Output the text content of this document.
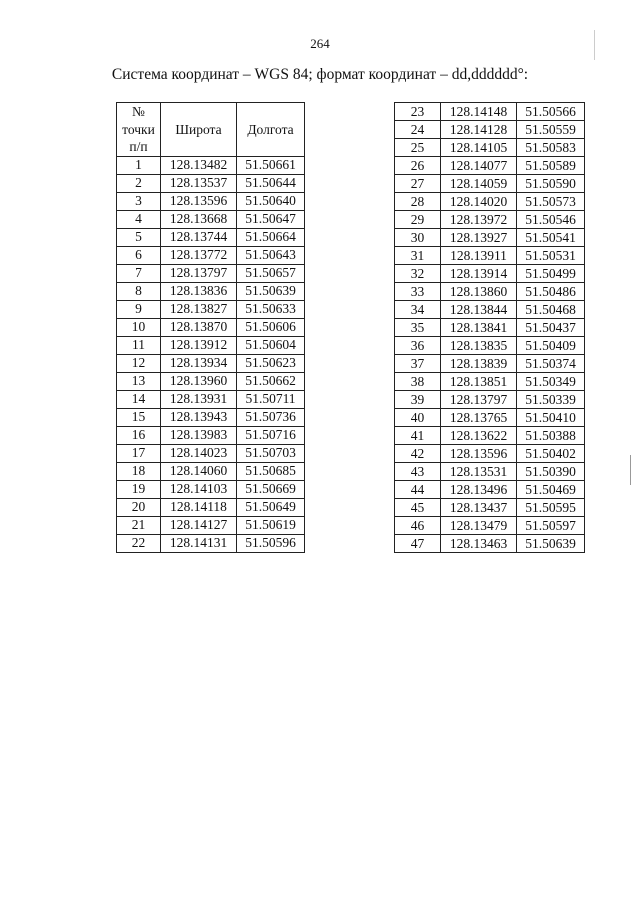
264
Система координат – WGS 84; формат координат – dd,dddddd°:
№
точки
п/п	Широта	Долгота
1	128.13482	51.50661
2	128.13537	51.50644
3	128.13596	51.50640
4	128.13668	51.50647
5	128.13744	51.50664
6	128.13772	51.50643
7	128.13797	51.50657
8	128.13836	51.50639
9	128.13827	51.50633
10	128.13870	51.50606
11	128.13912	51.50604
12	128.13934	51.50623
13	128.13960	51.50662
14	128.13931	51.50711
15	128.13943	51.50736
16	128.13983	51.50716
17	128.14023	51.50703
18	128.14060	51.50685
19	128.14103	51.50669
20	128.14118	51.50649
21	128.14127	51.50619
22	128.14131	51.50596
23	128.14148	51.50566
24	128.14128	51.50559
25	128.14105	51.50583
26	128.14077	51.50589
27	128.14059	51.50590
28	128.14020	51.50573
29	128.13972	51.50546
30	128.13927	51.50541
31	128.13911	51.50531
32	128.13914	51.50499
33	128.13860	51.50486
34	128.13844	51.50468
35	128.13841	51.50437
36	128.13835	51.50409
37	128.13839	51.50374
38	128.13851	51.50349
39	128.13797	51.50339
40	128.13765	51.50410
41	128.13622	51.50388
42	128.13596	51.50402
43	128.13531	51.50390
44	128.13496	51.50469
45	128.13437	51.50595
46	128.13479	51.50597
47	128.13463	51.50639
